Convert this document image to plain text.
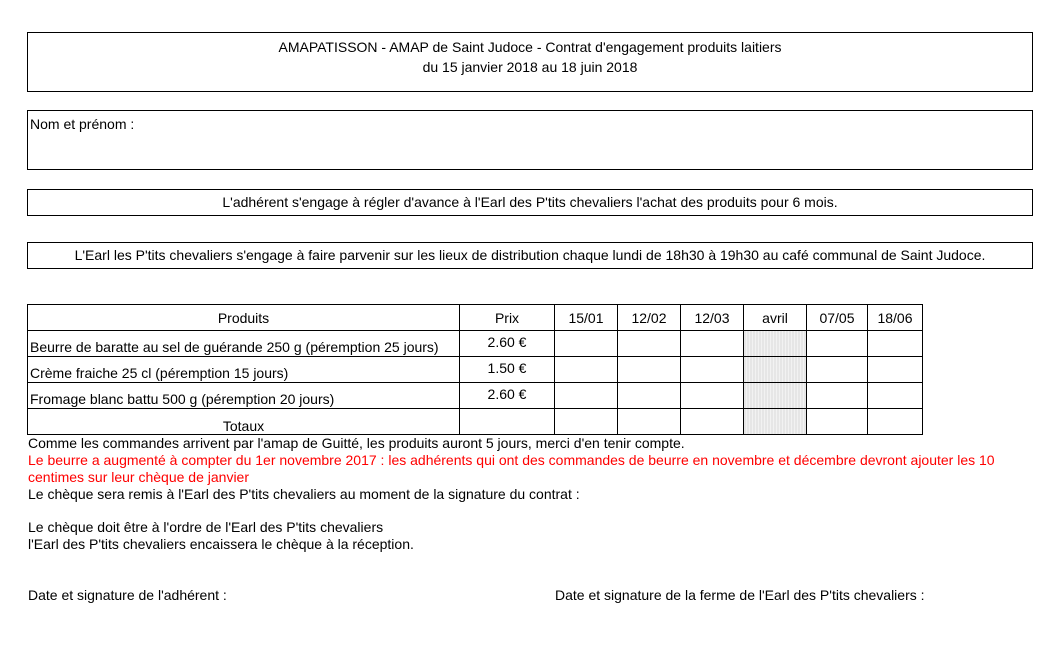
AMAPATISSON - AMAP de Saint Judoce - Contrat d'engagement produits laitiers
du 15 janvier 2018 au 18 juin 2018
Nom et prénom :
L'adhérent s'engage à régler d'avance à l'Earl des P'tits chevaliers l'achat des produits pour 6 mois.
L'Earl les P'tits chevaliers s'engage à faire parvenir sur les lieux de distribution chaque lundi de 18h30 à 19h30 au café communal de Saint Judoce.
Produits	Prix	15/01	12/02	12/03	avril	07/05	18/06
Beurre de baratte au sel de guérande 250 g (péremption 25 jours)	2.60 €						
Crème fraiche 25 cl (péremption 15 jours)	1.50 €						
Fromage blanc battu 500 g (péremption 20 jours)	2.60 €						
Totaux							
Comme les commandes arrivent par l'amap de Guitté, les produits auront 5 jours, merci d'en tenir compte.
Le beurre a augmenté à compter du 1er novembre 2017 : les adhérents qui ont des commandes de beurre en novembre et décembre devront ajouter les 10 centimes sur leur chèque de janvier
Le chèque sera remis à l'Earl des P'tits chevaliers au moment de la signature du contrat :
Le chèque doit être à l'ordre de l'Earl des P'tits chevaliers
l'Earl des P'tits chevaliers encaissera le chèque à la réception.
Date et signature de l'adhérent :	Date et signature de la ferme de l'Earl des P'tits chevaliers :
